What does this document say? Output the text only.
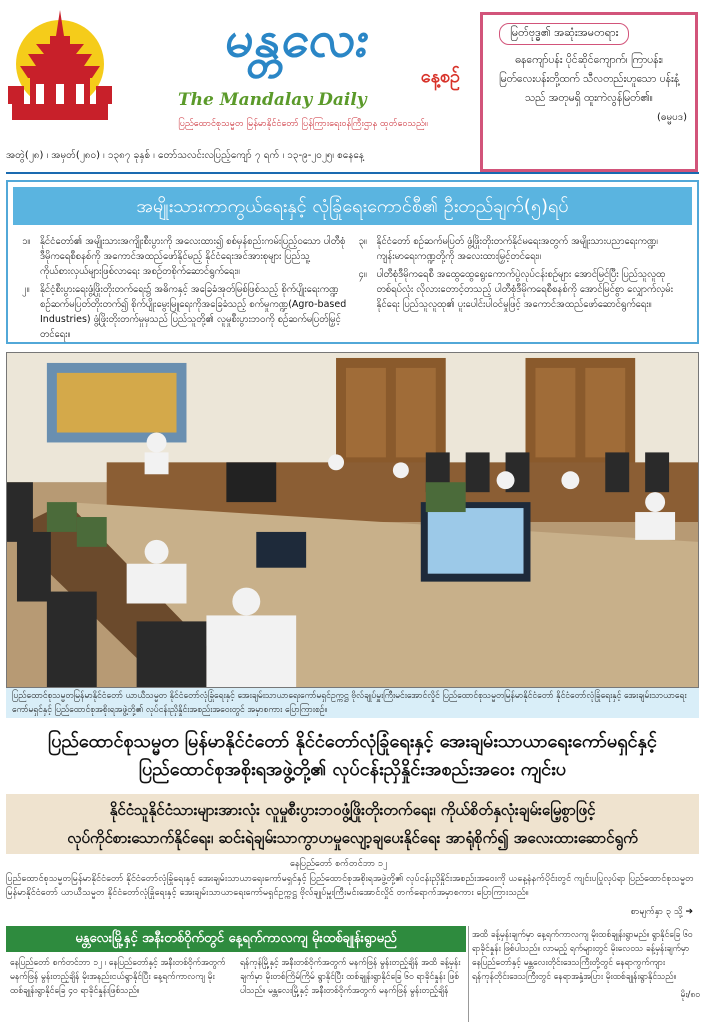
မန္တလေး
နေ့စဉ်
The Mandalay Daily
ပြည်ထောင်စုသမ္မတ မြန်မာနိုင်ငံတော် ပြန်ကြားရေးဝန်ကြီးဌာန ထုတ်ဝေသည်။
မြတ်ဗုဒ္ဓ၏ အဆုံးအမတရား
ဓနကျော်ပန်း ပိုင်ဆိုင်ကျောက်၊ ကြာပန်း၊ မြတ်လေးပန်းတို့ထက် သီလတည်းဟူသော ပန်းနံ့သည် အတုမရှိ ထူးကဲလွန်မြတ်၏။
(ဓမ္မပဒ)
အတွဲ(၂၈) ၊ အမှတ်(၂၈၀) ၊ ၁၃၈၇ ခုနှစ် ၊ တော်သလင်းလပြည့်ကျော် ၇ ရက် ၊ ၁၃-၉-၂၀၂၅၊ စနေနေ့
အမျိုးသားကာကွယ်ရေးနှင့် လုံခြုံရေးကောင်စီ၏ ဦးတည်ချက်(၅)ရပ်
၁။	နိုင်ငံတော်၏ အမျိုးသားအကျိုးစီးပွားကို အလေးထား၍ စစ်မှန်စည်းကမ်းပြည့်ဝသော ပါတီစုံဒီမိုကရေစီစနစ်ကို အကောင်အထည်ဖော်နိုင်မည့် နိုင်ငံရေးအင်အားစုများ ပြည်သူ့ကိုယ်စားလှယ်များဖြစ်လာရေး အစဉ်တစိုက်ဆောင်ရွက်ရေး။
၂။	နိုင်ငံ့စီးပွားရေးဖွံ့ဖြိုးတိုးတက်ရေး၌ အဓိကနှင့် အခြေခံအုတ်မြစ်ဖြစ်သည့် စိုက်ပျိုးရေးကဏ္ဍ စဉ်ဆက်မပြတ်တိုးတက်၍ စိုက်ပျိုးမွေးမြူရေးကိုအခြေခံသည့် စက်မှုကဏ္ဍ(Agro-based Industries) ဖွံ့ဖြိုးတိုးတက်မှုမှသည် ပြည်သူတို့၏ လူမှုစီးပွားဘဝကို စဉ်ဆက်မပြတ်မြှင့်တင်ရေး။
၃။	နိုင်ငံတော် စဉ်ဆက်မပြတ် ဖွံ့ဖြိုးတိုးတက်နိုင်မရေးအတွက် အမျိုးသားပညာရေးကဏ္ဍ၊ ကျန်းမာရေးကဏ္ဍတို့ကို အလေးထားမြှင့်တင်ရေး။
၄။	ပါတီစုံဒီမိုကရေစီ အထွေထွေရွေးကောက်ပွဲလုပ်ငန်းစဉ်များ အောင်မြင်ပြီး ပြည်သူလူထုတစ်ရပ်လုံး လိုလားတောင့်တသည့် ပါတီစုံဒီမိုကရေစီစနစ်ကို အောင်မြင်စွာ လျှောက်လှမ်းနိုင်ရေး ပြည်သူလူထု၏ ပူးပေါင်းပါဝင်မှုဖြင့် အကောင်အထည်ဖော်ဆောင်ရွက်ရေး။
ပြည်ထောင်စုသမ္မတမြန်မာနိုင်ငံတော် ယာယီသမ္မတ နိုင်ငံတော်လုံခြုံရေးနှင့် အေးချမ်းသာယာရေးကော်မရှင်ဥက္ကဋ္ဌ ဗိုလ်ချုပ်မှူးကြီးမင်းအောင်လှိုင် ပြည်ထောင်စုသမ္မတမြန်မာနိုင်ငံတော် နိုင်ငံတော်လုံခြုံရေးနှင့် အေးချမ်းသာယာရေးကော်မရှင်နှင့် ပြည်ထောင်စုအစိုးရအဖွဲ့တို့၏ လုပ်ငန်းညှိနှိုင်းအစည်းအဝေးတွင် အမှာစကား ပြောကြားစဉ်။
ပြည်ထောင်စုသမ္မတ မြန်မာနိုင်ငံတော် နိုင်ငံတော်လုံခြုံရေးနှင့် အေးချမ်းသာယာရေးကော်မရှင်နှင့်
ပြည်ထောင်စုအစိုးရအဖွဲ့တို့၏ လုပ်ငန်းညှိနှိုင်းအစည်းအဝေး ကျင်းပ
နိုင်ငံသူနိုင်ငံသားများအားလုံး လူမှုစီးပွားဘဝဖွံ့ဖြိုးတိုးတက်ရေး၊ ကိုယ်စိတ်နှလုံးချမ်းမြေ့စွာဖြင့်
လုပ်ကိုင်စားသောက်နိုင်ရေး၊ ဆင်းရဲချမ်းသာကွာဟမှုလျော့ချပေးနိုင်ရေး အာရုံစိုက်၍ အလေးထားဆောင်ရွက်
နေပြည်တော် စက်တင်ဘာ ၁၂
ပြည်ထောင်စုသမ္မတမြန်မာနိုင်ငံတော် နိုင်ငံတော်လုံခြုံရေးနှင့် အေးချမ်းသာယာရေးကော်မရှင်နှင့် ပြည်ထောင်စုအစိုးရအဖွဲ့တို့၏ လုပ်ငန်းညှိနှိုင်းအစည်းအဝေးကို ယနေ့နံနက်ပိုင်းတွင် ကျင်းပပြုလုပ်ရာ ပြည်ထောင်စုသမ္မတ မြန်မာနိုင်ငံတော် ယာယီသမ္မတ နိုင်ငံတော်လုံခြုံရေးနှင့် အေးချမ်းသာယာရေးကော်မရှင်ဥက္ကဋ္ဌ ဗိုလ်ချုပ်မှူးကြီးမင်းအောင်လှိုင် တက်ရောက်အမှာစကား ပြောကြားသည်။
စာမျက်နှာ ၃ သို့ ➔
မန္တလေးမြို့နှင့် အနီးတစ်ဝိုက်တွင် နေ့ရက်ကာလကျ မိုးထစ်ချုန်းရွာမည်
နေပြည်တော် စက်တင်ဘာ ၁၂ ၊ နေပြည်တော်နှင့် အနီးတစ်ဝိုက်အတွက် မနက်ဖြန် မွန်းတည့်ချိန် မိုးအနည်းငယ်ရွာနိုင်ပြီး နေ့ရက်ကာလကျ မိုးထစ်ချုန်းရွာနိုင်ခြေ ၄၀ ရာခိုင်နှုန်းဖြစ်သည်။
ရန်ကုန်မြို့နှင့် အနီးတစ်ဝိုက်အတွက် မနက်ဖြန် မွန်းတည့်ချိန် အထိ ခန့်မှန်းချက်မှာ မိုးတစ်ကြိမ်ကြိမ် ရွာနိုင်ပြီး ထစ်ချုန်းရွာနိုင်ခြေ ၆၀ ရာခိုင်နှုန်း ဖြစ်ပါသည်။ မန္တလေးမြို့နှင့် အနီးတစ်ဝိုက်အတွက် မနက်ဖြန် မွန်းတည့်ချိန်

အထိ ခန့်မှန်းချက်မှာ နေ့ရက်ကာလကျ မိုးထစ်ချုန်းရွာမည်။ ရွာနိုင်ခြေ ၆၀ ရာခိုင်နှုန်း ဖြစ်ပါသည်။ လာမည့် ရက်များတွင် မိုးလေဝသ ခန့်မှန်းချက်မှာ နေပြည်တော်နှင့် မန္တလေးတိုင်းဒေသကြီးတို့တွင် နေရာကွက်ကျား ရန်ကုန်တိုင်းဒေသကြီးတွင် နေရာအနှံ့အပြား မိုးထစ်ချုန်းရွာနိုင်သည်။

မိုး/၈၀
